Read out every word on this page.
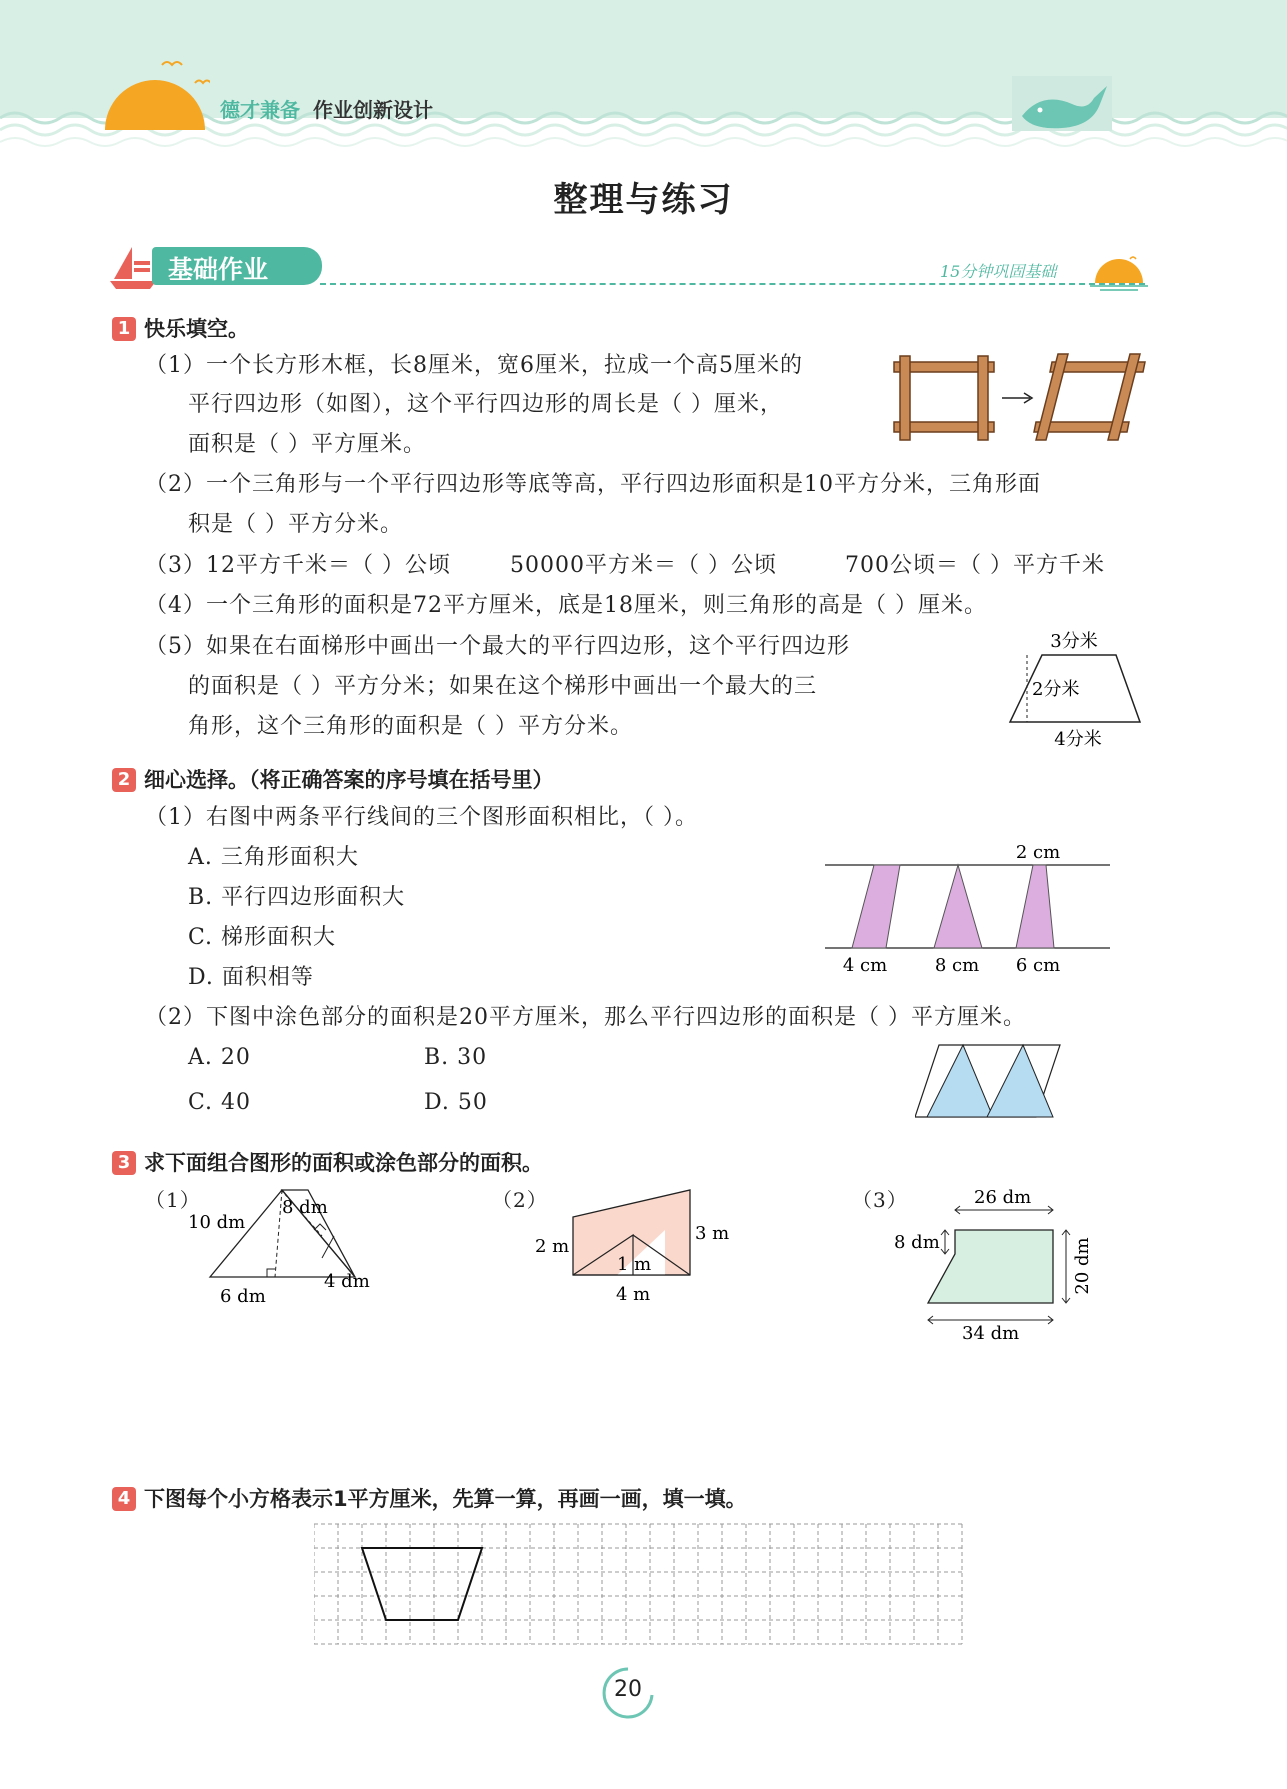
德才兼备 作业创新设计
整理与练习
基础作业	15分钟巩固基础
1 快乐填空。
（1）一个长方形木框，长8厘米，宽6厘米，拉成一个高5厘米的
平行四边形（如图），这个平行四边形的周长是（ ）厘米，
面积是（ ）平方厘米。
（2）一个三角形与一个平行四边形等底等高，平行四边形面积是10平方分米，三角形面
积是（ ）平方分米。
（3）12平方千米＝（ ）公顷	50000平方米＝（ ）公顷	700公顷＝（ ）平方千米
（4）一个三角形的面积是72平方厘米，底是18厘米，则三角形的高是（ ）厘米。
（5）如果在右面梯形中画出一个最大的平行四边形，这个平行四边形
的面积是（ ）平方分米；如果在这个梯形中画出一个最大的三
角形，这个三角形的面积是（ ）平方分米。
3分米
2分米
4分米
2 细心选择。（将正确答案的序号填在括号里）
（1）右图中两条平行线间的三个图形面积相比，（ ）。
A. 三角形面积大
B. 平行四边形面积大
C. 梯形面积大
D. 面积相等
2 cm
4 cm	8 cm 6 cm
（2）下图中涂色部分的面积是20平方厘米，那么平行四边形的面积是（ ）平方厘米。
A. 20	B. 30
C. 40	D. 50
3 求下面组合图形的面积或涂色部分的面积。
（1）
10 dm
8 dm
6 dm
4 dm
（2）
2 m
3 m
1 m
4 m
（3）	26 dm
8 dm	20 dm
34 dm
4 下图每个小方格表示1平方厘米，先算一算，再画一画，填一填。
20
